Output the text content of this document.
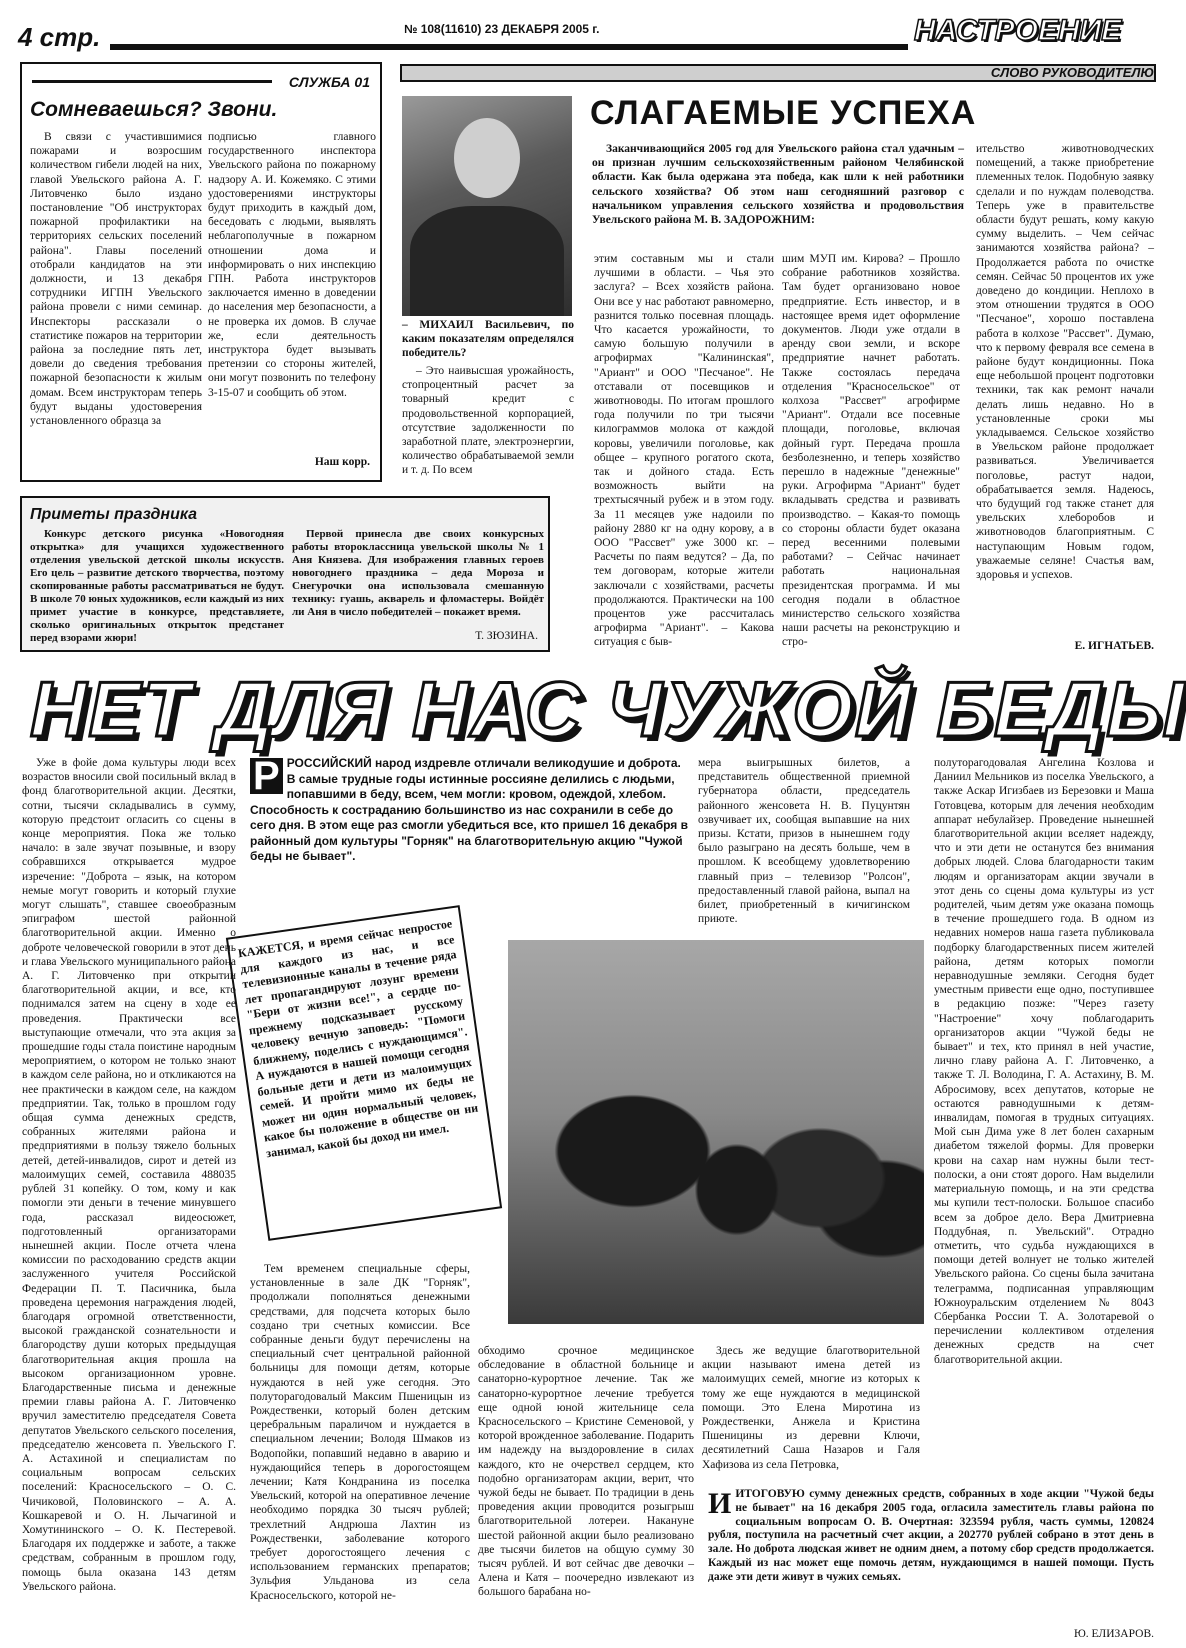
4 стр.	№ 108(11610) 23 ДЕКАБРЯ 2005 г.	НАСТРОЕНИЕ
СЛУЖБА 01
Сомневаешься? Звони.

В связи с участившимися пожарами и возросшим количеством гибели людей на них, главой Увельского района А. Г. Литовченко было издано постановление "Об инструкторах пожарной профилактики на территориях сельских поселений района". Главы поселений отобрали кандидатов на эти должности, и 13 декабря сотрудники ИГПН Увельского района провели с ними семинар. Инспекторы рассказали о статистике пожаров на территории района за последние пять лет, довели до сведения требования пожарной безопасности к жилым домам. Всем инструкторам теперь будут выданы удостоверения установленного образца за

подписью главного государственного инспектора Увельского района по пожарному надзору А. И. Кожемяко. С этими удостоверениями инструкторы будут приходить в каждый дом, беседовать с людьми, выявлять неблагополучные в пожарном отношении дома и информировать о них инспекцию ГПН. Работа инструкторов заключается именно в доведении до населения мер безопасности, а не проверка их домов. В случае же, если деятельность инструктора будет вызывать претензии со стороны жителей, они могут позвонить по телефону 3-15-07 и сообщить об этом.

Наш корр.
Приметы праздника

Конкурс детского рисунка «Новогодняя открытка» для учащихся художественного отделения увельской детской школы искусств. Его цель – развитие детского творчества, поэтому скопированные работы рассматриваться не будут. В школе 70 юных художников, если каждый из них примет участие в конкурсе, представляете, сколько оригинальных открыток предстанет перед взорами жюри!

Первой принесла две своих конкурсных работы второклассница увельской школы № 1 Аня Князева. Для изображения главных героев новогоднего праздника – деда Мороза и Снегурочки она использовала смешанную технику: гуашь, акварель и фломастеры. Войдёт ли Аня в число победителей – покажет время.

Т. ЗЮЗИНА.
СЛОВО РУКОВОДИТЕЛЮ

– МИХАИЛ Васильевич, по каким показателям определялся победитель?

– Это наивысшая урожайность, стопроцентный расчет за товарный кредит с продовольственной корпорацией, отсутствие задолженности по заработной плате, электроэнергии, количество обрабатываемой земли и т. д. По всем

СЛАГАЕМЫЕ УСПЕХА

Заканчивающийся 2005 год для Увельского района стал удачным – он признан лучшим сельскохозяйственным районом Челябинской области. Как была одержана эта победа, как шли к ней работники сельского хозяйства? Об этом наш сегодняшний разговор с начальником управления сельского хозяйства и продовольствия Увельского района М. В. ЗАДОРОЖНИМ:

этим составным мы и стали лучшими в области. – Чья это заслуга? – Всех хозяйств района. Они все у нас работают равномерно, разнится только посевная площадь. Что касается урожайности, то самую большую получили в агрофирмах "Калининская", "Ариант" и ООО "Песчаное". Не отставали от посевщиков и животноводы. По итогам прошлого года получили по три тысячи килограммов молока от каждой коровы, увеличили поголовье, как общее – крупного рогатого скота, так и дойного стада. Есть возможность выйти на трехтысячный рубеж и в этом году. За 11 месяцев уже надоили по району 2880 кг на одну корову, а в ООО "Рассвет" уже 3000 кг. – Расчеты по паям ведутся? – Да, по тем договорам, которые жители заключали с хозяйствами, расчеты продолжаются. Практически на 100 процентов уже рассчиталась агрофирма "Ариант". – Какова ситуация с быв-

шим МУП им. Кирова? – Прошло собрание работников хозяйства. Там будет организовано новое предприятие. Есть инвестор, и в настоящее время идет оформление документов. Люди уже отдали в аренду свои земли, и вскоре предприятие начнет работать. Также состоялась передача отделения "Красносельское" от колхоза "Рассвет" агрофирме "Ариант". Отдали все посевные площади, поголовье, включая дойный гурт. Передача прошла безболезненно, и теперь хозяйство перешло в надежные "денежные" руки. Агрофирма "Ариант" будет вкладывать средства и развивать производство. – Какая-то помощь со стороны области будет оказана перед весенними полевыми работами? – Сейчас начинает работать национальная президентская программа. И мы сегодня подали в областное министерство сельского хозяйства наши расчеты на реконструкцию и стро-

ительство животноводческих помещений, а также приобретение племенных телок. Подобную заявку сделали и по нуждам полеводства. Теперь уже в правительстве области будут решать, кому какую сумму выделить. – Чем сейчас занимаются хозяйства района? – Продолжается работа по очистке семян. Сейчас 50 процентов их уже доведено до кондиции. Неплохо в этом отношении трудятся в ООО "Песчаное", хорошо поставлена работа в колхозе "Рассвет". Думаю, что к первому февраля все семена в районе будут кондиционны. Пока еще небольшой процент подготовки техники, так как ремонт начали делать лишь недавно. Но в установленные сроки мы укладываемся. Сельское хозяйство в Увельском районе продолжает развиваться. Увеличивается поголовье, растут надои, обрабатывается земля. Надеюсь, что будущий год также станет для увельских хлеборобов и животноводов благоприятным. С наступающим Новым годом, уважаемые селяне! Счастья вам, здоровья и успехов.

Е. ИГНАТЬЕВ.
НЕТ ДЛЯ НАС ЧУЖОЙ БЕДЫ
Р РОССИЙСКИЙ народ издревле отличали великодушие и доброта. В самые трудные годы истинные россияне делились с людьми, попавшими в беду, всем, чем могли: кровом, одеждой, хлебом. Способность к состраданию большинство из нас сохранили в себе до сего дня. В этом еще раз смогли убедиться все, кто пришел 16 декабря в районный дом культуры "Горняк" на благотворительную акцию "Чужой беды не бывает".

Уже в фойе дома культуры люди всех возрастов вносили свой посильный вклад в фонд благотворительной акции. Десятки, сотни, тысячи складывались в сумму, которую предстоит огласить со сцены в конце мероприятия. Пока же только начало: в зале звучат позывные, и взору собравшихся открывается мудрое изречение: "Доброта – язык, на котором немые могут говорить и который глухие могут слышать", ставшее своеобразным эпиграфом шестой районной благотворительной акции. Именно о доброте человеческой говорили в этот день и глава Увельского муниципального района А. Г. Литовченко при открытии благотворительной акции, и все, кто поднимался затем на сцену в ходе ее проведения. Практически все выступающие отмечали, что эта акция за прошедшие годы стала поистине народным мероприятием, о котором не только знают в каждом селе района, но и откликаются на нее практически в каждом селе, на каждом предприятии. Так, только в прошлом году общая сумма денежных средств, собранных жителями района и предприятиями в пользу тяжело больных детей, детей-инвалидов, сирот и детей из малоимущих семей, составила 488035 рублей 31 копейку. О том, кому и как помогли эти деньги в течение минувшего года, рассказал видеосюжет, подготовленный организаторами нынешней акции. После отчета члена комиссии по расходованию средств акции заслуженного учителя Российской Федерации П. Т. Пасичника, была проведена церемония награждения людей, благодаря огромной ответственности, высокой гражданской сознательности и благородству души которых предыдущая благотворительная акция прошла на высоком организационном уровне. Благодарственные письма и денежные премии главы района А. Г. Литовченко вручил заместителю председателя Совета депутатов Увельского сельского поселения, председателю женсовета п. Увельского Г. А. Астахиной и специалистам по социальным вопросам сельских поселений: Красносельского – О. С. Чичиковой, Половинского – А. А. Кошкаревой и О. Н. Лычагиной и Хомутининского – О. К. Пестеревой. Благодаря их поддержке и заботе, а также средствам, собранным в прошлом году, помощь была оказана 143 детям Увельского района.

КАЖЕТСЯ, и время сейчас непростое для каждого из нас, и все телевизионные каналы в течение ряда лет пропагандируют лозунг времени "Бери от жизни все!", а сердце по-прежнему подсказывает русскому человеку вечную заповедь: "Помоги ближнему, поделись с нуждающимся". А нуждаются в нашей помощи сегодня больные дети и дети из малоимущих семей. И пройти мимо их беды не может ни один нормальный человек, какое бы положение в обществе он ни занимал, какой бы доход ни имел.

Тем временем специальные сферы, установленные в зале ДК "Горняк", продолжали пополняться денежными средствами, для подсчета которых было создано три счетных комиссии. Все собранные деньги будут перечислены на специальный счет центральной районной больницы для помощи детям, которые нуждаются в ней уже сегодня. Это полуторагодовалый Максим Пшеницын из Рождественки, который болен детским церебральным параличом и нуждается в специальном лечении; Володя Шмаков из Водопойки, попавший недавно в аварию и нуждающийся теперь в дорогостоящем лечении; Катя Кондранина из поселка Увельский, которой на оперативное лечение необходимо порядка 30 тысяч рублей; трехлетний Андрюша Лахтин из Рождественки, заболевание которого требует дорогостоящего лечения с использованием германских препаратов; Зульфия Ульданова из села Красносельского, которой не-

мера выигрышных билетов, а представитель общественной приемной губернатора области, председатель районного женсовета Н. В. Пуцунтян озвучивает их, сообщая выпавшие на них призы. Кстати, призов в нынешнем году было разыграно на десять больше, чем в прошлом. К всеобщему удовлетворению главный приз – телевизор "Ролсон", предоставленный главой района, выпал на билет, приобретенный в кичигинском приюте.

обходимо срочное медицинское обследование в областной больнице и санаторно-курортное лечение. Так же санаторно-курортное лечение требуется еще одной юной жительнице села Красносельского – Кристине Семеновой, у которой врожденное заболевание. Подарить им надежду на выздоровление в силах каждого, кто не очерствел сердцем, кто подобно организаторам акции, верит, что чужой беды не бывает. По традиции в день проведения акции проводится розыгрыш благотворительной лотереи. Накануне шестой районной акции было реализовано две тысячи билетов на общую сумму 30 тысяч рублей. И вот сейчас две девочки – Алена и Катя – поочередно извлекают из большого барабана но-

Здесь же ведущие благотворительной акции называют имена детей из малоимущих семей, многие из которых к тому же еще нуждаются в медицинской помощи. Это Елена Миротина из Рождественки, Анжела и Кристина Пшеницины из деревни Ключи, десятилетний Саша Назаров и Галя Хафизова из села Петровка,

полуторагодовалая Ангелина Козлова и Даниил Мельников из поселка Увельского, а также Аскар Игизбаев из Березовки и Маша Готовцева, которым для лечения необходим аппарат небулайзер. Проведение нынешней благотворительной акции вселяет надежду, что и эти дети не останутся без внимания добрых людей. Слова благодарности таким людям и организаторам акции звучали в этот день со сцены дома культуры из уст родителей, чьим детям уже оказана помощь в течение прошедшего года. В одном из недавних номеров наша газета публиковала подборку благодарственных писем жителей района, детям которых помогли неравнодушные земляки. Сегодня будет уместным привести еще одно, поступившее в редакцию позже: "Через газету "Настроение" хочу поблагодарить организаторов акции "Чужой беды не бывает" и тех, кто принял в ней участие, лично главу района А. Г. Литовченко, а также Т. Л. Володина, Г. А. Астахину, В. М. Абросимову, всех депутатов, которые не остаются равнодушными к детям-инвалидам, помогая в трудных ситуациях. Мой сын Дима уже 8 лет болен сахарным диабетом тяжелой формы. Для проверки крови на сахар нам нужны были тест-полоски, а они стоят дорого. Нам выделили материальную помощь, и на эти средства мы купили тест-полоски. Большое спасибо всем за доброе дело. Вера Дмитриевна Поддубная, п. Увельский". Отрадно отметить, что судьба нуждающихся в помощи детей волнует не только жителей Увельского района. Со сцены была зачитана телеграмма, подписанная управляющим Южноуральским отделением № 8043 Сбербанка России Т. А. Золотаревой о перечислении коллективом отделения денежных средств на счет благотворительной акции.

И ИТОГОВУЮ сумму денежных средств, собранных в ходе акции "Чужой беды не бывает" на 16 декабря 2005 года, огласила заместитель главы района по социальным вопросам О. В. Очертная: 323594 рубля, часть суммы, 120824 рубля, поступила на расчетный счет акции, а 202770 рублей собрано в этот день в зале. Но доброта людская живет не одним днем, а потому сбор средств продолжается. Каждый из нас может еще помочь детям, нуждающимся в нашей помощи. Пусть даже эти дети живут в чужих семьях.
Ю. ЕЛИЗАРОВ.
